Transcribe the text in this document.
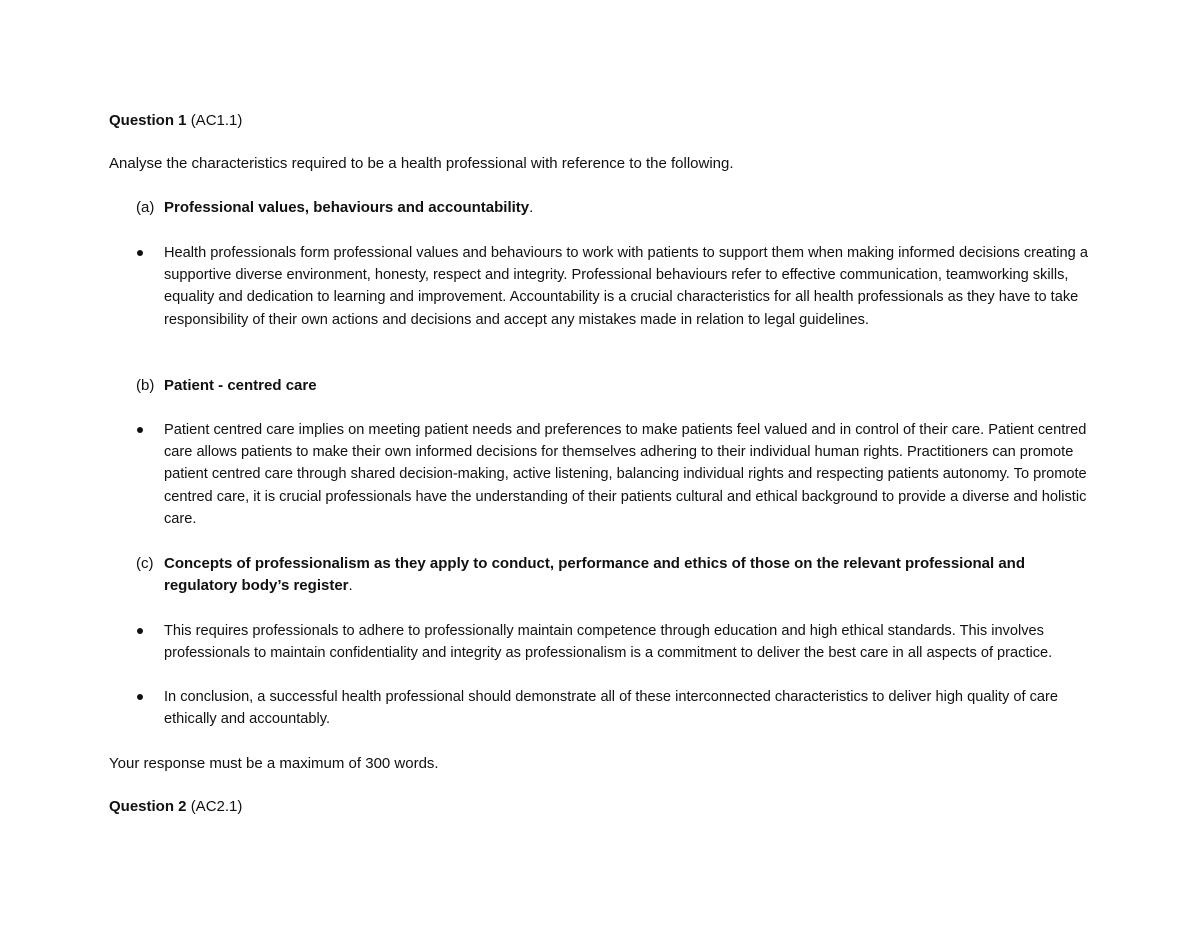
Question 1 (AC1.1)
Analyse the characteristics required to be a health professional with reference to the following.
(a) Professional values, behaviours and accountability.
Health professionals form professional values and behaviours to work with patients to support them when making informed decisions creating a supportive diverse environment, honesty, respect and integrity. Professional behaviours refer to effective communication, teamworking skills, equality and dedication to learning and improvement. Accountability is a crucial characteristics for all health professionals as they have to take responsibility of their own actions and decisions and accept any mistakes made in relation to legal guidelines.
(b) Patient - centred care
Patient centred care implies on meeting patient needs and preferences to make patients feel valued and in control of their care. Patient centred care allows patients to make their own informed decisions for themselves adhering to their individual human rights. Practitioners can promote patient centred care through shared decision-making, active listening, balancing individual rights and respecting patients autonomy. To promote centred care, it is crucial professionals have the understanding of their patients cultural and ethical background to provide a diverse and holistic care.
(c) Concepts of professionalism as they apply to conduct, performance and ethics of those on the relevant professional and regulatory body’s register.
This requires professionals to adhere to professionally maintain competence through education and high ethical standards. This involves professionals to maintain confidentiality and integrity as professionalism is a commitment to deliver the best care in all aspects of practice.
In conclusion, a successful health professional should demonstrate all of these interconnected characteristics to deliver high quality of care ethically and accountably.
Your response must be a maximum of 300 words.
Question 2 (AC2.1)
